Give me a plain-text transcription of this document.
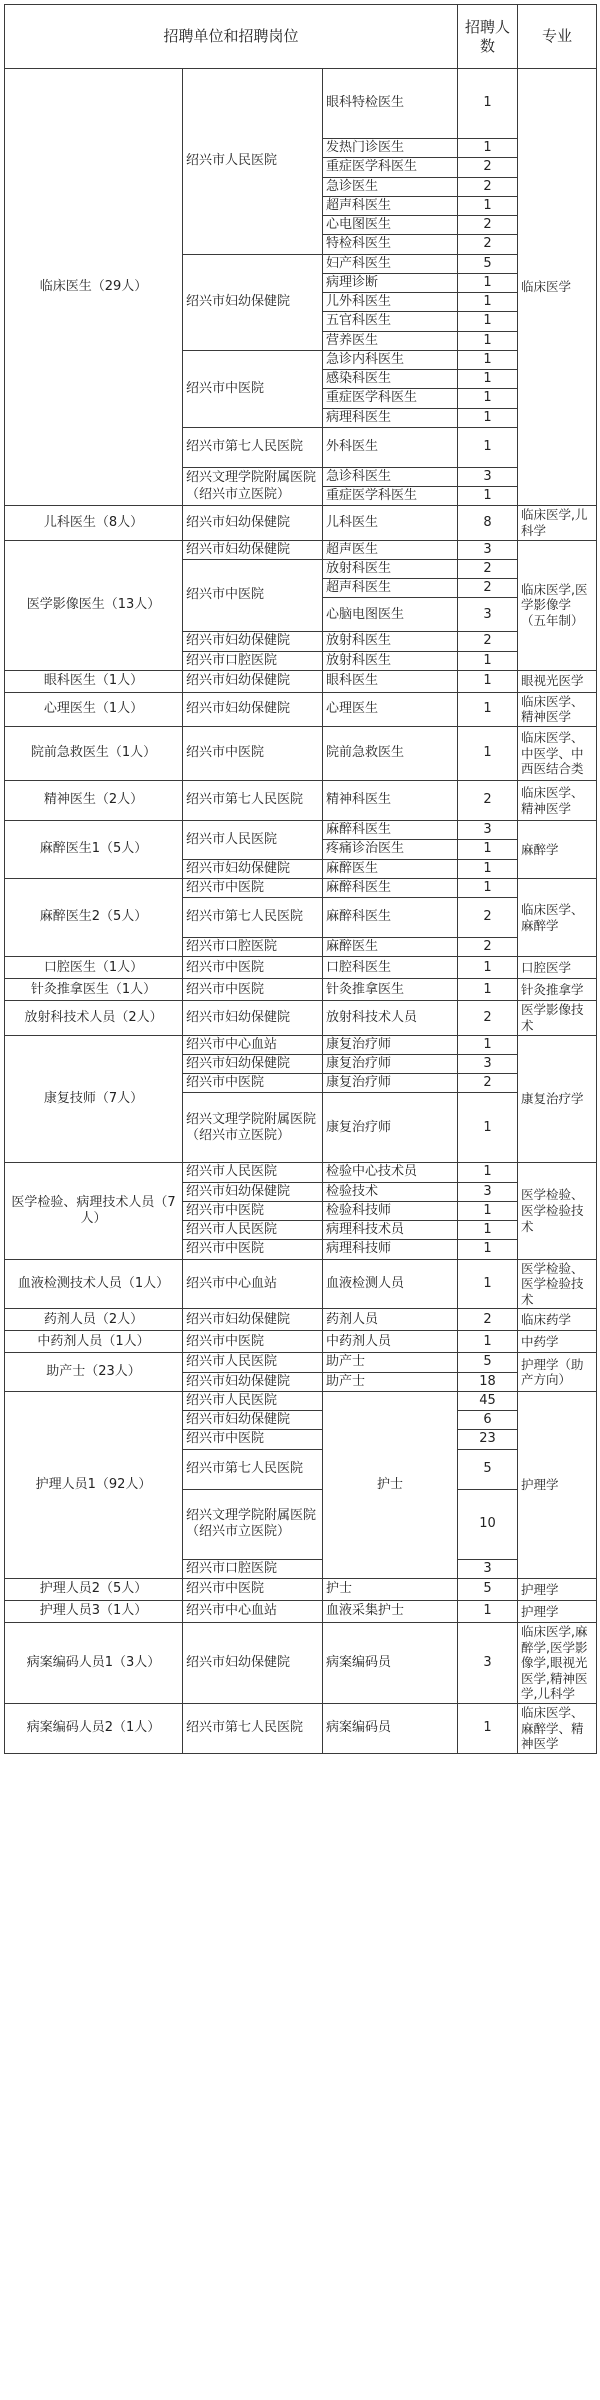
招聘单位和招聘岗位			招聘人数	专业
临床医生（29人）	绍兴市人民医院	眼科特检医生	1	临床医学
		发热门诊医生	1	
		重症医学科医生	2	
		急诊医生	2	
		超声科医生	1	
		心电图医生	2	
		特检科医生	2	
	绍兴市妇幼保健院	妇产科医生	5	
		病理诊断	1	
		儿外科医生	1	
		五官科医生	1	
		营养医生	1	
	绍兴市中医院	急诊内科医生	1	
		感染科医生	1	
		重症医学科医生	1	
		病理科医生	1	
	绍兴市第七人民医院	外科医生	1	
	绍兴文理学院附属医院（绍兴市立医院）	急诊科医生	3	
		重症医学科医生	1	
儿科医生（8人）	绍兴市妇幼保健院	儿科医生	8	临床医学,儿科学
医学影像医生（13人）	绍兴市妇幼保健院	超声医生	3	临床医学,医学影像学（五年制）
	绍兴市中医院	放射科医生	2	
		超声科医生	2	
		心脑电图医生	3	
	绍兴市妇幼保健院	放射科医生	2	
	绍兴市口腔医院	放射科医生	1	
眼科医生（1人）	绍兴市妇幼保健院	眼科医生	1	眼视光医学
心理医生（1人）	绍兴市妇幼保健院	心理医生	1	临床医学、精神医学
院前急救医生（1人）	绍兴市中医院	院前急救医生	1	临床医学、中医学、中西医结合类
精神医生（2人）	绍兴市第七人民医院	精神科医生	2	临床医学、精神医学
麻醉医生1（5人）	绍兴市人民医院	麻醉科医生	3	麻醉学
		疼痛诊治医生	1	
	绍兴市妇幼保健院	麻醉医生	1	
麻醉医生2（5人）	绍兴市中医院	麻醉科医生	1	临床医学、麻醉学
	绍兴市第七人民医院	麻醉科医生	2	
	绍兴市口腔医院	麻醉医生	2	
口腔医生（1人）	绍兴市中医院	口腔科医生	1	口腔医学
针灸推拿医生（1人）	绍兴市中医院	针灸推拿医生	1	针灸推拿学
放射科技术人员（2人）	绍兴市妇幼保健院	放射科技术人员	2	医学影像技术
康复技师（7人）	绍兴市中心血站	康复治疗师	1	康复治疗学
	绍兴市妇幼保健院	康复治疗师	3	
	绍兴市中医院	康复治疗师	2	
	绍兴文理学院附属医院（绍兴市立医院）	康复治疗师	1	
医学检验、病理技术人员（7人）	绍兴市人民医院	检验中心技术员	1	医学检验、医学检验技术
	绍兴市妇幼保健院	检验技术	3	
	绍兴市中医院	检验科技师	1	
	绍兴市人民医院	病理科技术员	1	
	绍兴市中医院	病理科技师	1	
血液检测技术人员（1人）	绍兴市中心血站	血液检测人员	1	医学检验、医学检验技术
药剂人员（2人）	绍兴市妇幼保健院	药剂人员	2	临床药学
中药剂人员（1人）	绍兴市中医院	中药剂人员	1	中药学
助产士（23人）	绍兴市人民医院	助产士	5	护理学（助产方向）
	绍兴市妇幼保健院	助产士	18	
护理人员1（92人）	绍兴市人民医院	护士	45	护理学
	绍兴市妇幼保健院		6	
	绍兴市中医院		23	
	绍兴市第七人民医院		5	
	绍兴文理学院附属医院（绍兴市立医院）		10	
	绍兴市口腔医院		3	
护理人员2（5人）	绍兴市中医院	护士	5	护理学
护理人员3（1人）	绍兴市中心血站	血液采集护士	1	护理学
病案编码人员1（3人）	绍兴市妇幼保健院	病案编码员	3	临床医学,麻醉学,医学影像学,眼视光医学,精神医学,儿科学
病案编码人员2（1人）	绍兴市第七人民医院	病案编码员	1	临床医学、麻醉学、精神医学
